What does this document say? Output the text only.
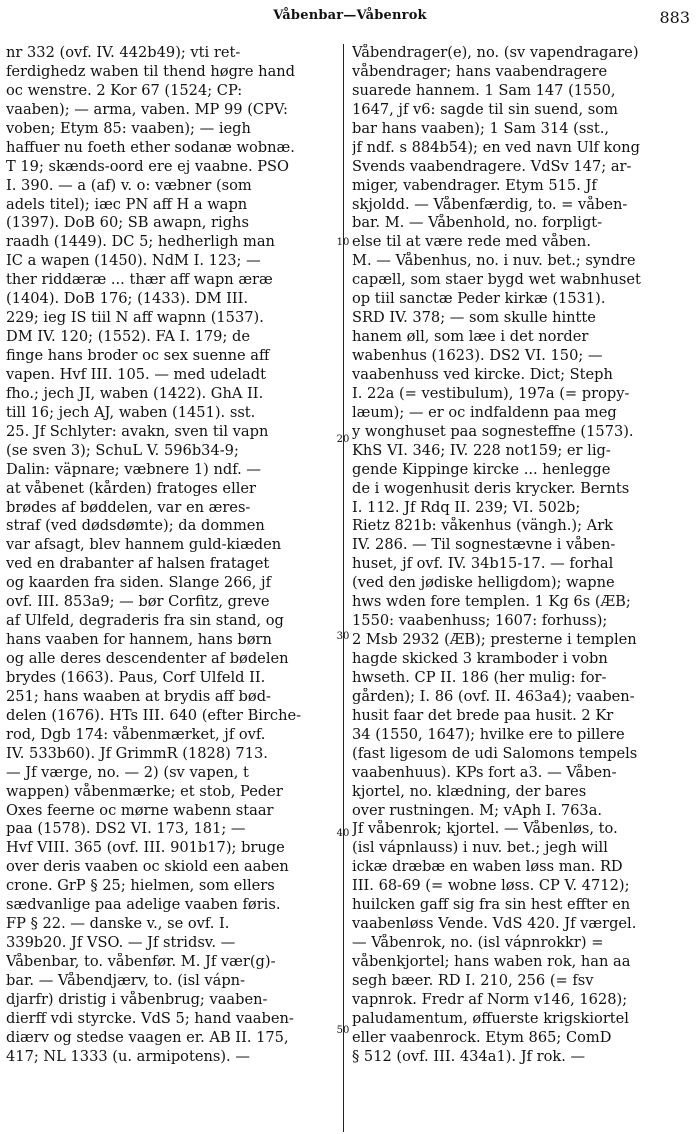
Våbenbar—Våbenrok	883
10
20
30
40
50
nr 332 (ovf. IV. 442b49); vti ret-
ferdighedz waben til thend høgre hand
oc wenstre. 2 Kor 67 (1524; CP:
vaaben); — arma, vaben. MP 99 (CPV:
voben; Etym 85: vaaben); — iegh
haffuer nu foeth ether sodanæ wobnæ.
T 19; skænds-oord ere ej vaabne. PSO
I. 390. — a (af) v. o: væbner (som
adels titel); iæc PN aff H a wapn
(1397). DoB 60; SB awapn, righs
raadh (1449). DC 5; hedherligh man
IC a wapen (1450). NdM I. 123; —
ther riddæræ ... thær aff wapn æræ
(1404). DoB 176; (1433). DM III.
229; ieg IS tiil N aff wapnn (1537).
DM IV. 120; (1552). FA I. 179; de
finge hans broder oc sex suenne aff
vapen. Hvf III. 105. — med udeladt
fho.; jech JI, waben (1422). GhA II.
till 16; jech AJ, waben (1451). sst.
25. Jf Schlyter: avakn, sven til vapn
(se sven 3); SchuL V. 596b34-9;
Dalin: väpnare; væbnere 1) ndf. —
at våbenet (kården) fratoges eller
brødes af bøddelen, var en æres-
straf (ved dødsdømte); da dommen
var afsagt, blev hannem guld-kiæden
ved en drabanter af halsen frataget
og kaarden fra siden. Slange 266, jf
ovf. III. 853a9; — bør Corfitz, greve
af Ulfeld, degraderis fra sin stand, og
hans vaaben for hannem, hans børn
og alle deres descendenter af bødelen
brydes (1663). Paus, Corf Ulfeld II.
251; hans waaben at brydis aff bød-
delen (1676). HTs III. 640 (efter Birche-
rod, Dgb 174: våbenmærket, jf ovf.
IV. 533b60). Jf GrimmR (1828) 713.
— Jf værge, no. — 2) (sv vapen, t
wappen) våbenmærke; et stob, Peder
Oxes feerne oc mørne wabenn staar
paa (1578). DS2 VI. 173, 181; —
Hvf VIII. 365 (ovf. III. 901b17); bruge
over deris vaaben oc skiold een aaben
crone. GrP § 25; hielmen, som ellers
sædvanlige paa adelige vaaben føris.
FP § 22. — danske v., se ovf. I.
339b20. Jf VSO. — Jf stridsv. —
Våbenbar, to. våbenfør. M. Jf vær(g)-
bar. — Våbendjærv, to. (isl vápn-
djarfr) dristig i våbenbrug; vaaben-
dierff vdi styrcke. VdS 5; hand vaaben-
diærv og stedse vaagen er. AB II. 175,
417; NL 1333 (u. armipotens). —
Våbendrager(e), no. (sv vapendragare)
våbendrager; hans vaabendragere
suarede hannem. 1 Sam 147 (1550,
1647, jf v6: sagde til sin suend, som
bar hans vaaben); 1 Sam 314 (sst.,
jf ndf. s 884b54); en ved navn Ulf kong
Svends vaabendragere. VdSv 147; ar-
miger, vabendrager. Etym 515. Jf
skjoldd. — Våbenfærdig, to. = våben-
bar. M. — Våbenhold, no. forpligt-
else til at være rede med våben.
M. — Våbenhus, no. i nuv. bet.; syndre
capæll, som staer bygd wet wabnhuset
op tiil sanctæ Peder kirkæ (1531).
SRD IV. 378; — som skulle hintte
hanem øll, som læe i det norder
wabenhus (1623). DS2 VI. 150; —
vaabenhuss ved kircke. Dict; Steph
I. 22a (= vestibulum), 197a (= propy-
læum); — er oc indfaldenn paa meg
y wonghuset paa sognesteffne (1573).
KhS VI. 346; IV. 228 not159; er lig-
gende Kippinge kircke ... henlegge
de i wogenhusit deris krycker. Bernts
I. 112. Jf Rdq II. 239; VI. 502b;
Rietz 821b: våkenhus (vängh.); Ark
IV. 286. — Til sognestævne i våben-
huset, jf ovf. IV. 34b15-17. — forhal
(ved den jødiske helligdom); wapne
hws wden fore templen. 1 Kg 6s (ÆB;
1550: vaabenhuss; 1607: forhuss);
2 Msb 2932 (ÆB); presterne i templen
hagde skicked 3 kramboder i vobn
hwseth. CP II. 186 (her mulig: for-
gården); I. 86 (ovf. II. 463a4); vaaben-
husit faar det brede paa husit. 2 Kr
34 (1550, 1647); hvilke ere to pillere
(fast ligesom de udi Salomons tempels
vaabenhuus). KPs fort a3. — Våben-
kjortel, no. klædning, der bares
over rustningen. M; vAph I. 763a.
Jf våbenrok; kjortel. — Våbenløs, to.
(isl vápnlauss) i nuv. bet.; jegh will
ickæ dræbæ en waben løss man. RD
III. 68-69 (= wobne løss. CP V. 4712);
huilcken gaff sig fra sin hest effter en
vaabenløss Vende. VdS 420. Jf værgel.
— Våbenrok, no. (isl vápnrokkr) =
våbenkjortel; hans waben rok, han aa
segh bæer. RD I. 210, 256 (= fsv
vapnrok. Fredr af Norm v146, 1628);
paludamentum, øffuerste krigskiortel
eller vaabenrock. Etym 865; ComD
§ 512 (ovf. III. 434a1). Jf rok. —
